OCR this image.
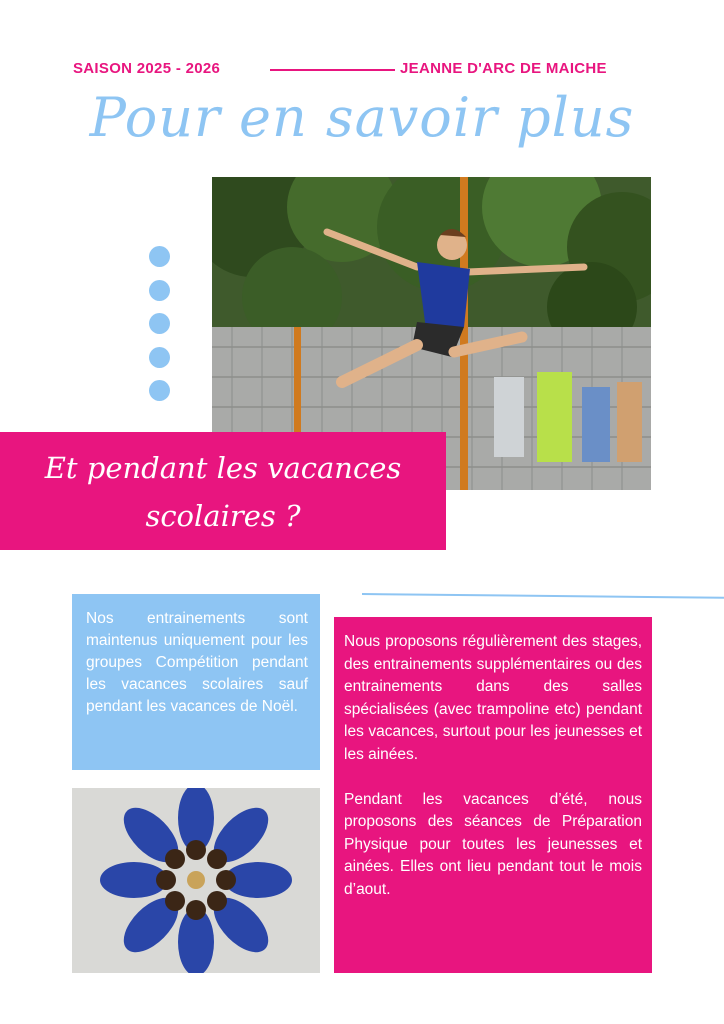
SAISON 2025 - 2026	JEANNE D'ARC DE MAICHE
Pour en savoir plus
Et pendant les vacances
scolaires ?

Nos entrainements sont maintenus uniquement pour les groupes Compétition pendant les vacances scolaires sauf pendant les vacances de Noël.

Nous proposons régulièrement des stages, des entrainements supplémentaires ou des entrainements dans des salles spécialisées (avec trampoline etc) pendant les vacances, surtout pour les jeunesses et les ainées.

Pendant les vacances d’été, nous proposons des séances de Préparation Physique pour toutes les jeunesses et ainées. Elles ont lieu pendant tout le mois d’aout.
